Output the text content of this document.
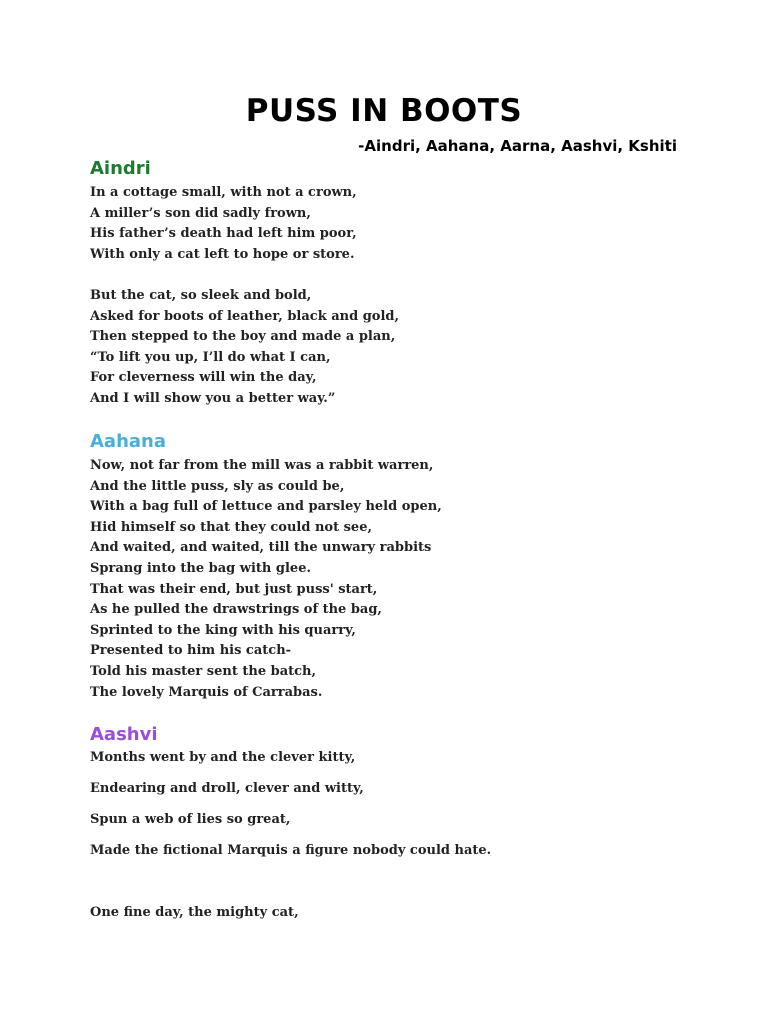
PUSS IN BOOTS

-Aindri, Aahana, Aarna, Aashvi, Kshiti

Aindri
In a cottage small, with not a crown,
A miller’s son did sadly frown,
His father’s death had left him poor,
With only a cat left to hope or store.
But the cat, so sleek and bold,
Asked for boots of leather, black and gold,
Then stepped to the boy and made a plan,
“To lift you up, I’ll do what I can,
For cleverness will win the day,
And I will show you a better way.”
Aahana
Now, not far from the mill was a rabbit warren,
And the little puss, sly as could be,
With a bag full of lettuce and parsley held open,
Hid himself so that they could not see,
And waited, and waited, till the unwary rabbits
Sprang into the bag with glee.
That was their end, but just puss' start,
As he pulled the drawstrings of the bag,
Sprinted to the king with his quarry,
Presented to him his catch-
Told his master sent the batch,
The lovely Marquis of Carrabas.
Aashvi

Months went by and the clever kitty,

Endearing and droll, clever and witty,

Spun a web of lies so great,

Made the fictional Marquis a figure nobody could hate.

One fine day, the mighty cat,
